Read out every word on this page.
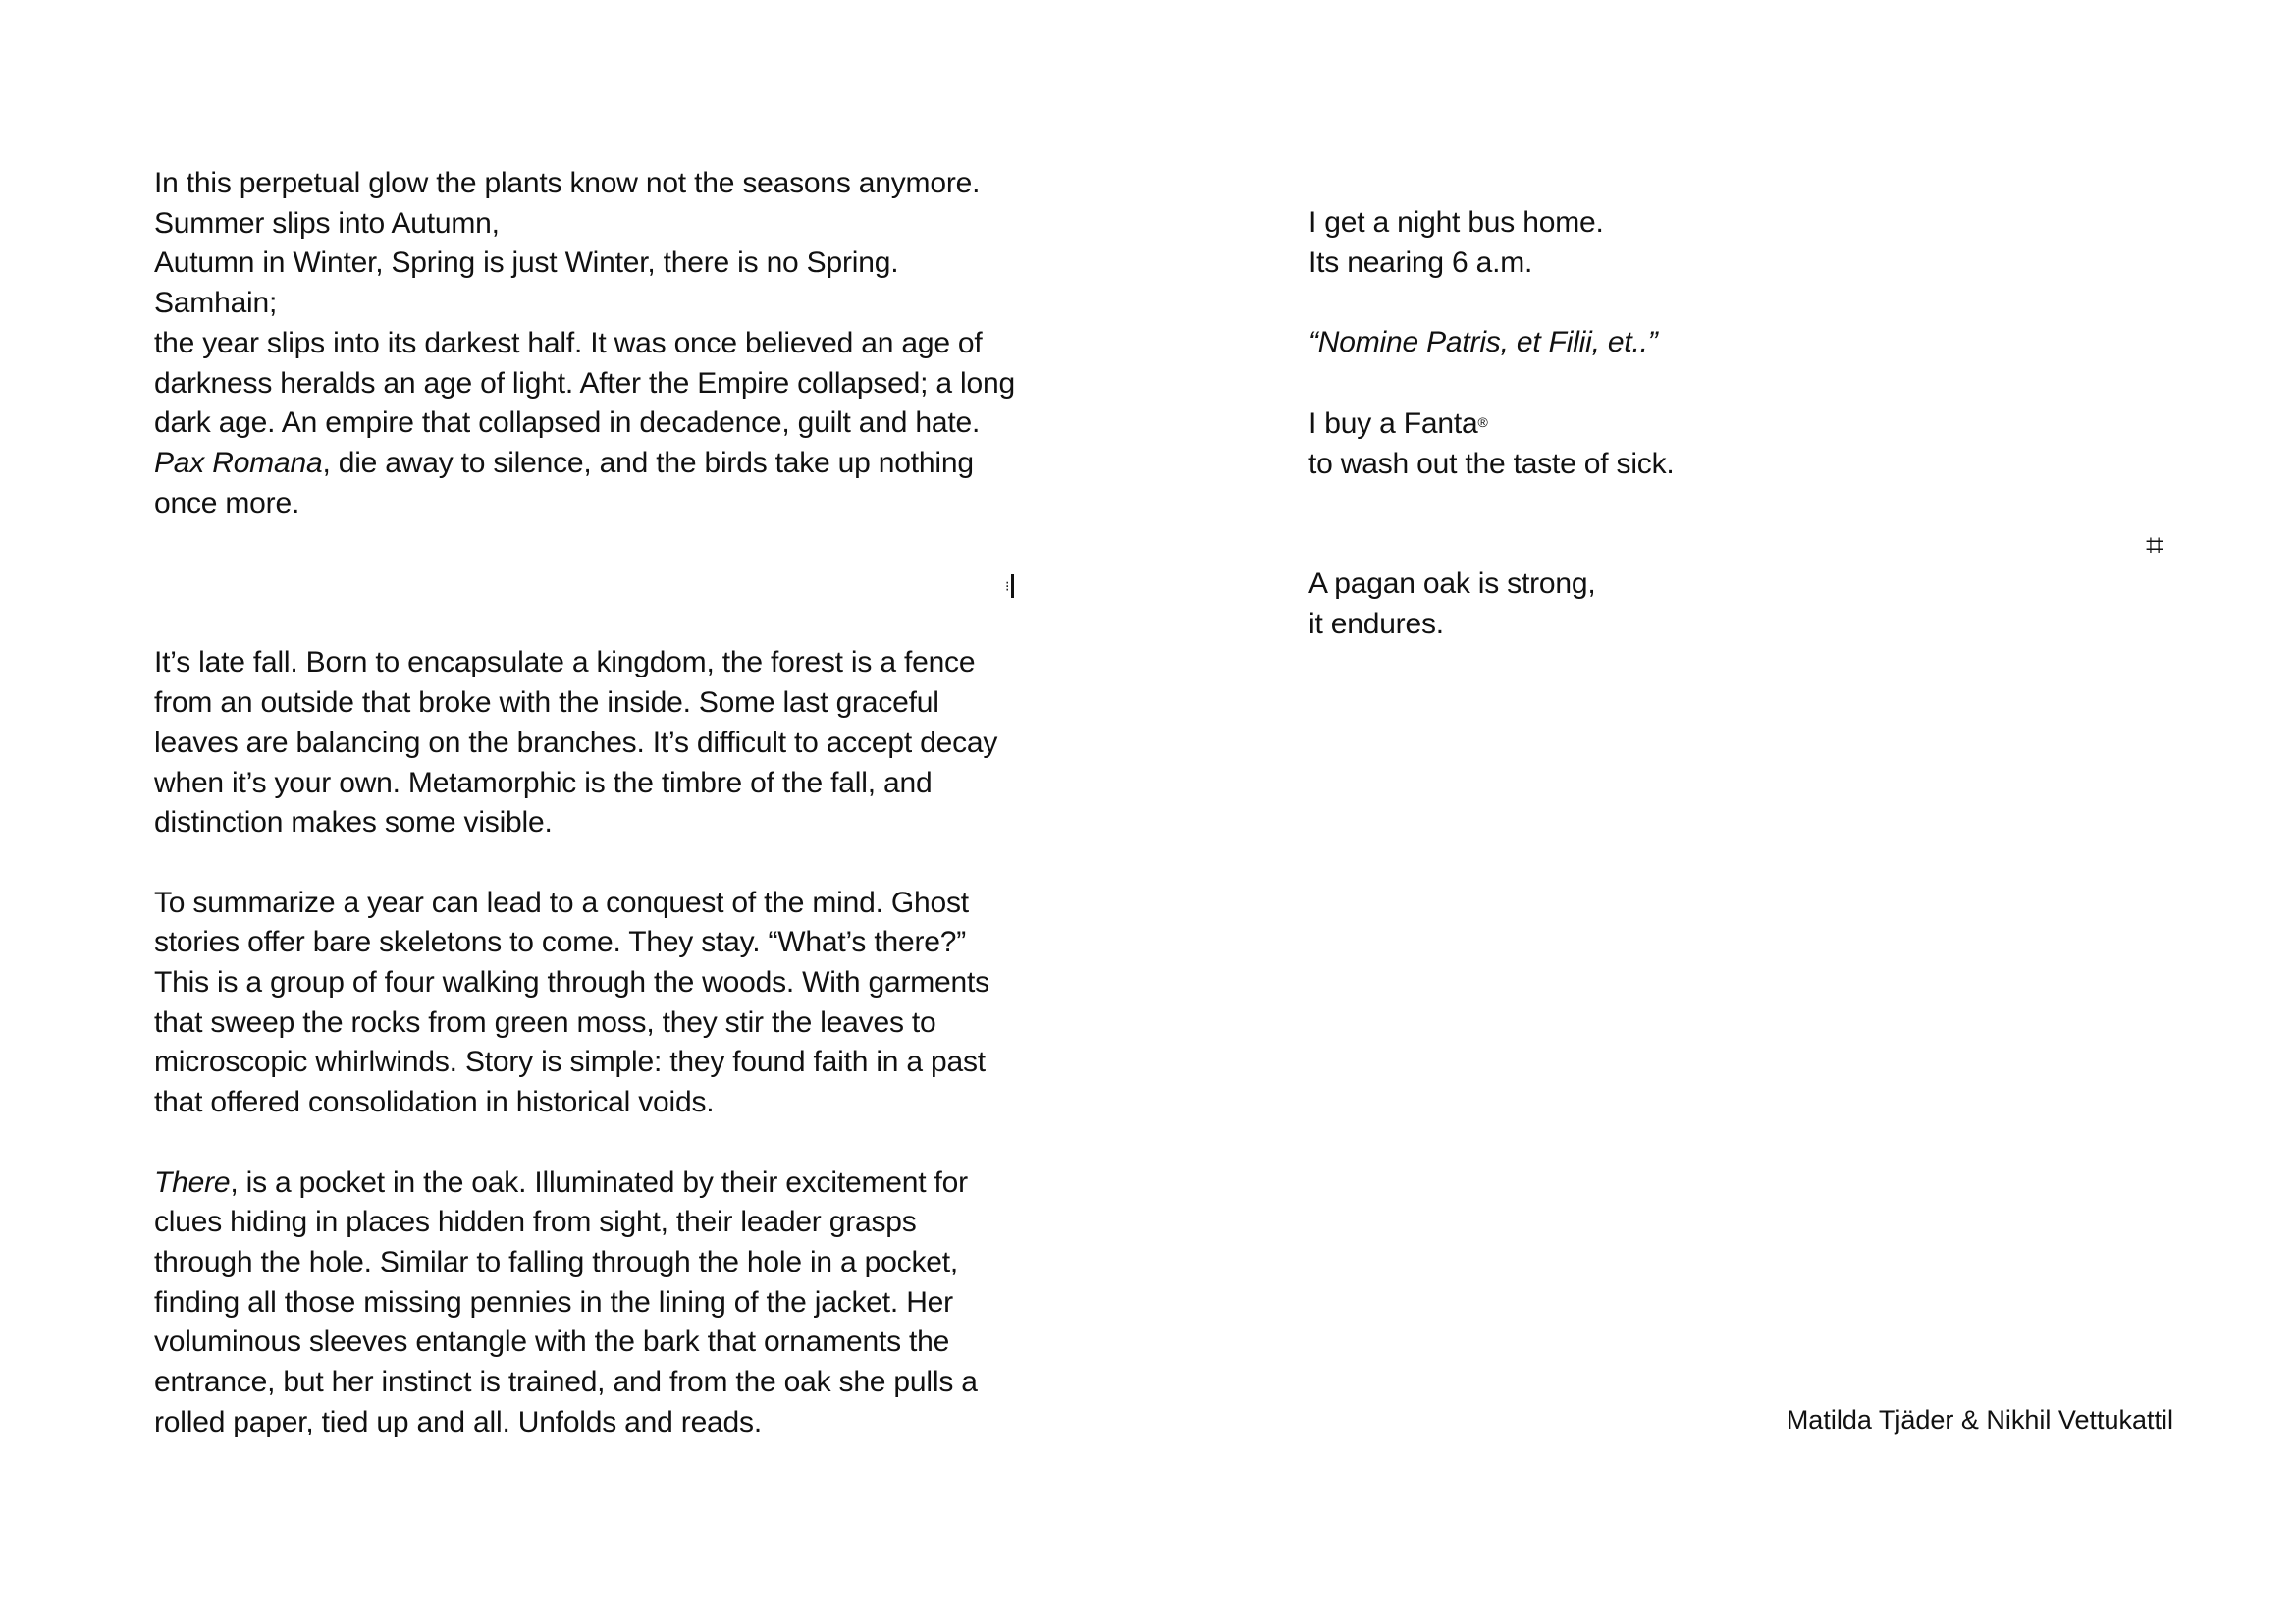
In this perpetual glow the plants know not the seasons anymore.
Summer slips into Autumn,
Autumn in Winter, Spring is just Winter, there is no Spring.
Samhain;
the year slips into its darkest half. It was once believed an age of
darkness heralds an age of light. After the Empire collapsed; a long
dark age. An empire that collapsed in decadence, guilt and hate.
Pax Romana, die away to silence, and the birds take up nothing
once more.
It’s late fall. Born to encapsulate a kingdom, the forest is a fence
from an outside that broke with the inside. Some last graceful
leaves are balancing on the branches. It’s difficult to accept decay
when it’s your own. Metamorphic is the timbre of the fall, and
distinction makes some visible.
To summarize a year can lead to a conquest of the mind. Ghost
stories offer bare skeletons to come. They stay. “What’s there?”
This is a group of four walking through the woods. With garments
that sweep the rocks from green moss, they stir the leaves to
microscopic whirlwinds. Story is simple: they found faith in a past
that offered consolidation in historical voids.
There, is a pocket in the oak. Illuminated by their excitement for
clues hiding in places hidden from sight, their leader grasps
through the hole. Similar to falling through the hole in a pocket,
finding all those missing pennies in the lining of the jacket. Her
voluminous sleeves entangle with the bark that ornaments the
entrance, but her instinct is trained, and from the oak she pulls a
rolled paper, tied up and all. Unfolds and reads.
⁝
I get a night bus home.
Its nearing 6 a.m.
“Nomine Patris, et Filii, et..”
I buy a Fanta®
to wash out the taste of sick.
A pagan oak is strong,
it endures.
⌗
Matilda Tjäder & Nikhil Vettukattil
